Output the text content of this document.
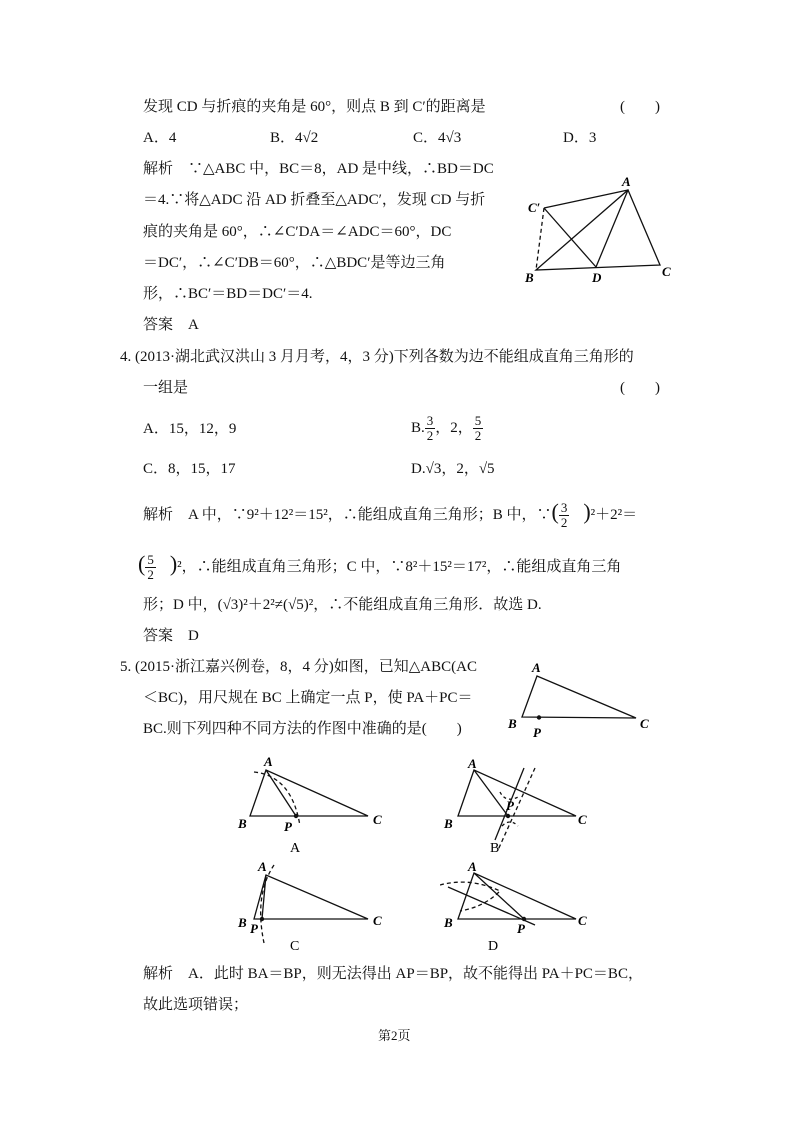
发现 CD 与折痕的夹角是 60°，则点 B 到 C′的距离是	(　　)
A．4	B．4√2	C．4√3	D．3
解析　∵△ABC 中，BC＝8，AD 是中线，∴BD＝DC
＝4.∵将△ADC 沿 AD 折叠至△ADC′，发现 CD 与折
痕的夹角是 60°，∴∠C′DA＝∠ADC＝60°，DC
＝DC′，∴∠C′DB＝60°，∴△BDC′是等边三角
形，∴BC′＝BD＝DC′＝4.
答案　A
A
C′
B	D	C
4. (2013·湖北武汉洪山 3 月月考，4，3 分)下列各数为边不能组成直角三角形的
一组是	(　　)
A．15，12，9	B. $\frac{3}{2}$ ，2， $\frac{5}{2}$
C．8，15，17	D.√3，2，√5
解析　A 中，∵9²＋12²＝15²，∴能组成直角三角形；B 中，∵( $\frac{3}{2} )^2+2^2=$
( $\frac{5}{2} )^2$，∴能组成直角三角形；C 中，∵8²＋15²＝17²，∴能组成直角三角
形；D 中，(√3)²＋2²≠(√5)²，∴不能组成直角三角形．故选 D.
答案　D
5. (2015·浙江嘉兴例卷，8，4 分)如图，已知△ABC(AC
＜BC)，用尺规在 BC 上确定一点 P，使 PA＋PC＝
BC.则下列四种不同方法的作图中准确的是(　　)
A
B
P
C
A
B	P	C
A
A
B
P
C
B
A
B P
C
C
A
B	P
C
D
解析　A．此时 BA＝BP，则无法得出 AP＝BP，故不能得出 PA＋PC＝BC，
故此选项错误；
第2页
